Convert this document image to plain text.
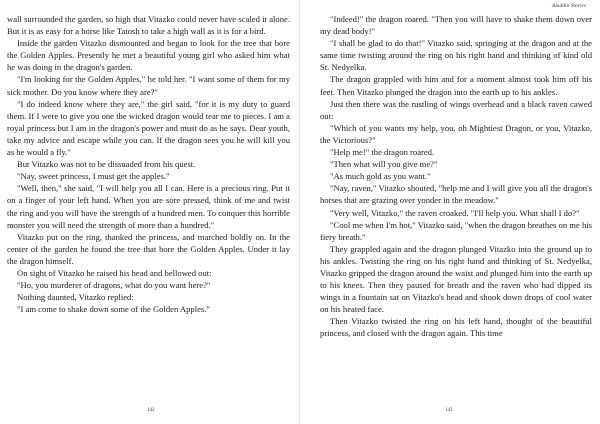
wall surrounded the garden, so high that Vitazko could never have scaled it alone. But it is as easy for a horse like Tatosh to take a high wall as it is for a bird.

Inside the garden Vitazko dismounted and began to look for the tree that bore the Golden Apples. Presently he met a beautiful young girl who asked him what he was doing in the dragon's garden.

"I'm looking for the Golden Apples," he told her. "I want some of them for my sick mother. Do you know where they are?"

"I do indeed know where they are," the girl said, "for it is my duty to guard them. If I were to give you one the wicked dragon would tear me to pieces. I am a royal princess but I am in the dragon's power and must do as he says. Dear youth, take my advice and escape while you can. If the dragon sees you he will kill you as he would a fly."

But Vitazko was not to be dissuaded from his quest.

"Nay, sweet princess, I must get the apples."

"Well, then," she said, "I will help you all I can. Here is a precious ring. Put it on a finger of your left hand. When you are sore pressed, think of me and twist the ring and you will have the strength of a hundred men. To conquer this horrible monster you will need the strength of more than a hundred."

Vitazko put on the ring, thanked the princess, and marched boldly on. In the center of the garden he found the tree that bore the Golden Apples. Under it lay the dragon himself.

On sight of Vitazko he raised his head and bellowed out:

"Ho, you murderer of dragons, what do you want here?"

Nothing daunted, Vitazko replied:

"I am come to shake down some of the Golden Apples."

142
Aladdin Stories

"Indeed!" the dragon roared. "Then you will have to shake them down over my dead body!"

"I shall be glad to do that!" Vitazko said, springing at the dragon and at the same time twisting around the ring on his right hand and thinking of kind old St. Nedyelka.

The dragon grappled with him and for a moment almost took him off his feet. Then Vitazko plunged the dragon into the earth up to his ankles.

Just then there was the rustling of wings overhead and a black raven cawed out:

"Which of you wants my help, you, oh Mightiest Dragon, or you, Vitazko, the Victorious?"

"Help me!" the dragon roared.

"Then what will you give me?"

"As much gold as you want."

"Nay, raven," Vitazko shouted, "help me and I will give you all the dragon's horses that are grazing over yonder in the meadow."

"Very well, Vitazko," the raven croaked. "I'll help you. What shall I do?"

"Cool me when I'm hot," Vitazko said, "when the dragon breathes on me his fiery breath."

They grappled again and the dragon plunged Vitazko into the ground up to his ankles. Twisting the ring on his right hand and thinking of St. Nedyelka, Vitazko gripped the dragon around the waist and plunged him into the earth up to his knees. Then they paused for breath and the raven who had dipped its wings in a fountain sat on Vitazko's head and shook down drops of cool water on his heated face.

Then Vitazko twisted the ring on his left hand, thought of the beautiful princess, and closed with the dragon again. This time

143
